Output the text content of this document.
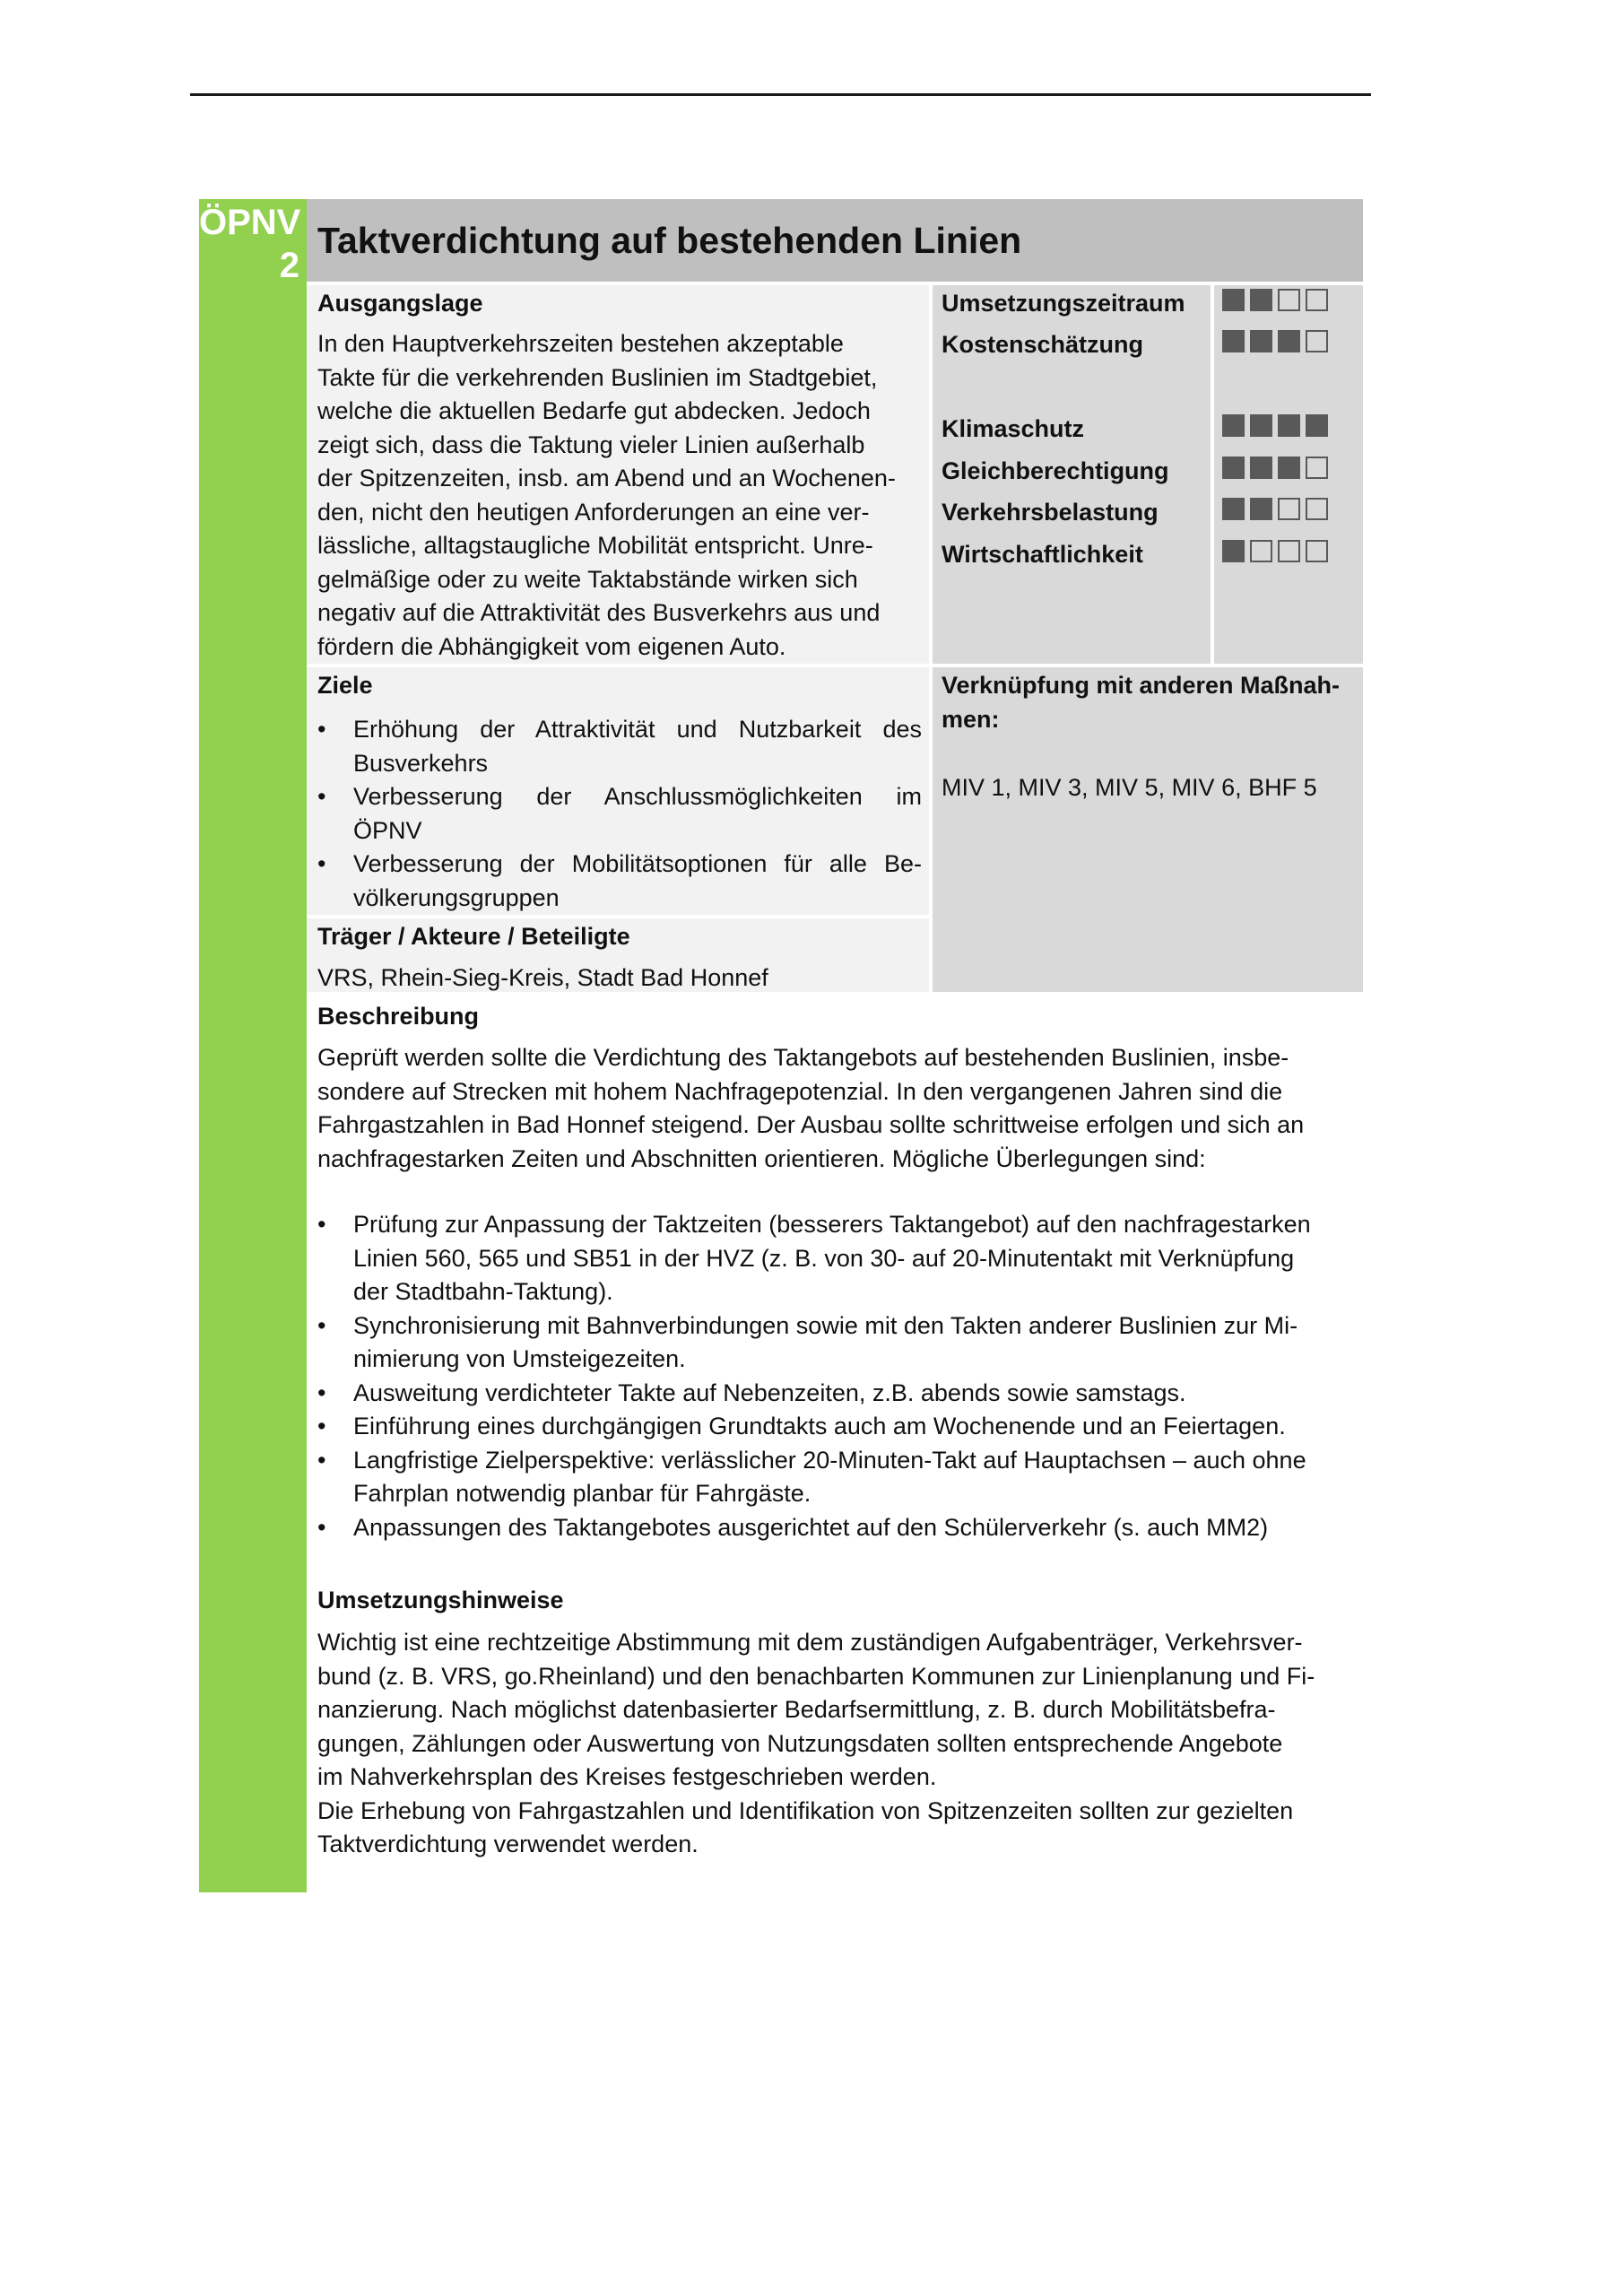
ÖPNV
2
Taktverdichtung auf bestehenden Linien
Ausgangslage
In den Hauptverkehrszeiten bestehen akzeptable
Takte für die verkehrenden Buslinien im Stadtgebiet,
welche die aktuellen Bedarfe gut abdecken. Jedoch
zeigt sich, dass die Taktung vieler Linien außerhalb
der Spitzenzeiten, insb. am Abend und an Wochenen-
den, nicht den heutigen Anforderungen an eine ver-
lässliche, alltagstaugliche Mobilität entspricht. Unre-
gelmäßige oder zu weite Taktabstände wirken sich
negativ auf die Attraktivität des Busverkehrs aus und
fördern die Abhängigkeit vom eigenen Auto.
Umsetzungszeitraum
Kostenschätzung
Klimaschutz
Gleichberechtigung
Verkehrsbelastung
Wirtschaftlichkeit
Ziele
• Erhöhung der Attraktivität und Nutzbarkeit des
Busverkehrs
• Verbesserung der Anschlussmöglichkeiten im
ÖPNV
• Verbesserung der Mobilitätsoptionen für alle Be-
völkerungsgruppen
Verknüpfung mit anderen Maßnah-
men:
MIV 1, MIV 3, MIV 5, MIV 6, BHF 5
Träger / Akteure / Beteiligte
VRS, Rhein-Sieg-Kreis, Stadt Bad Honnef
Beschreibung
Geprüft werden sollte die Verdichtung des Taktangebots auf bestehenden Buslinien, insbe-
sondere auf Strecken mit hohem Nachfragepotenzial. In den vergangenen Jahren sind die
Fahrgastzahlen in Bad Honnef steigend. Der Ausbau sollte schrittweise erfolgen und sich an
nachfragestarken Zeiten und Abschnitten orientieren. Mögliche Überlegungen sind:
• Prüfung zur Anpassung der Taktzeiten (besserers Taktangebot) auf den nachfragestarken
Linien 560, 565 und SB51 in der HVZ (z. B. von 30- auf 20-Minutentakt mit Verknüpfung
der Stadtbahn-Taktung).
• Synchronisierung mit Bahnverbindungen sowie mit den Takten anderer Buslinien zur Mi-
nimierung von Umsteigezeiten.
• Ausweitung verdichteter Takte auf Nebenzeiten, z.B. abends sowie samstags.
• Einführung eines durchgängigen Grundtakts auch am Wochenende und an Feiertagen.
• Langfristige Zielperspektive: verlässlicher 20-Minuten-Takt auf Hauptachsen – auch ohne
Fahrplan notwendig planbar für Fahrgäste.
• Anpassungen des Taktangebotes ausgerichtet auf den Schülerverkehr (s. auch MM2)
Umsetzungshinweise
Wichtig ist eine rechtzeitige Abstimmung mit dem zuständigen Aufgabenträger, Verkehrsver-
bund (z. B. VRS, go.Rheinland) und den benachbarten Kommunen zur Linienplanung und Fi-
nanzierung. Nach möglichst datenbasierter Bedarfsermittlung, z. B. durch Mobilitätsbefra-
gungen, Zählungen oder Auswertung von Nutzungsdaten sollten entsprechende Angebote
im Nahverkehrsplan des Kreises festgeschrieben werden.
Die Erhebung von Fahrgastzahlen und Identifikation von Spitzenzeiten sollten zur gezielten
Taktverdichtung verwendet werden.
